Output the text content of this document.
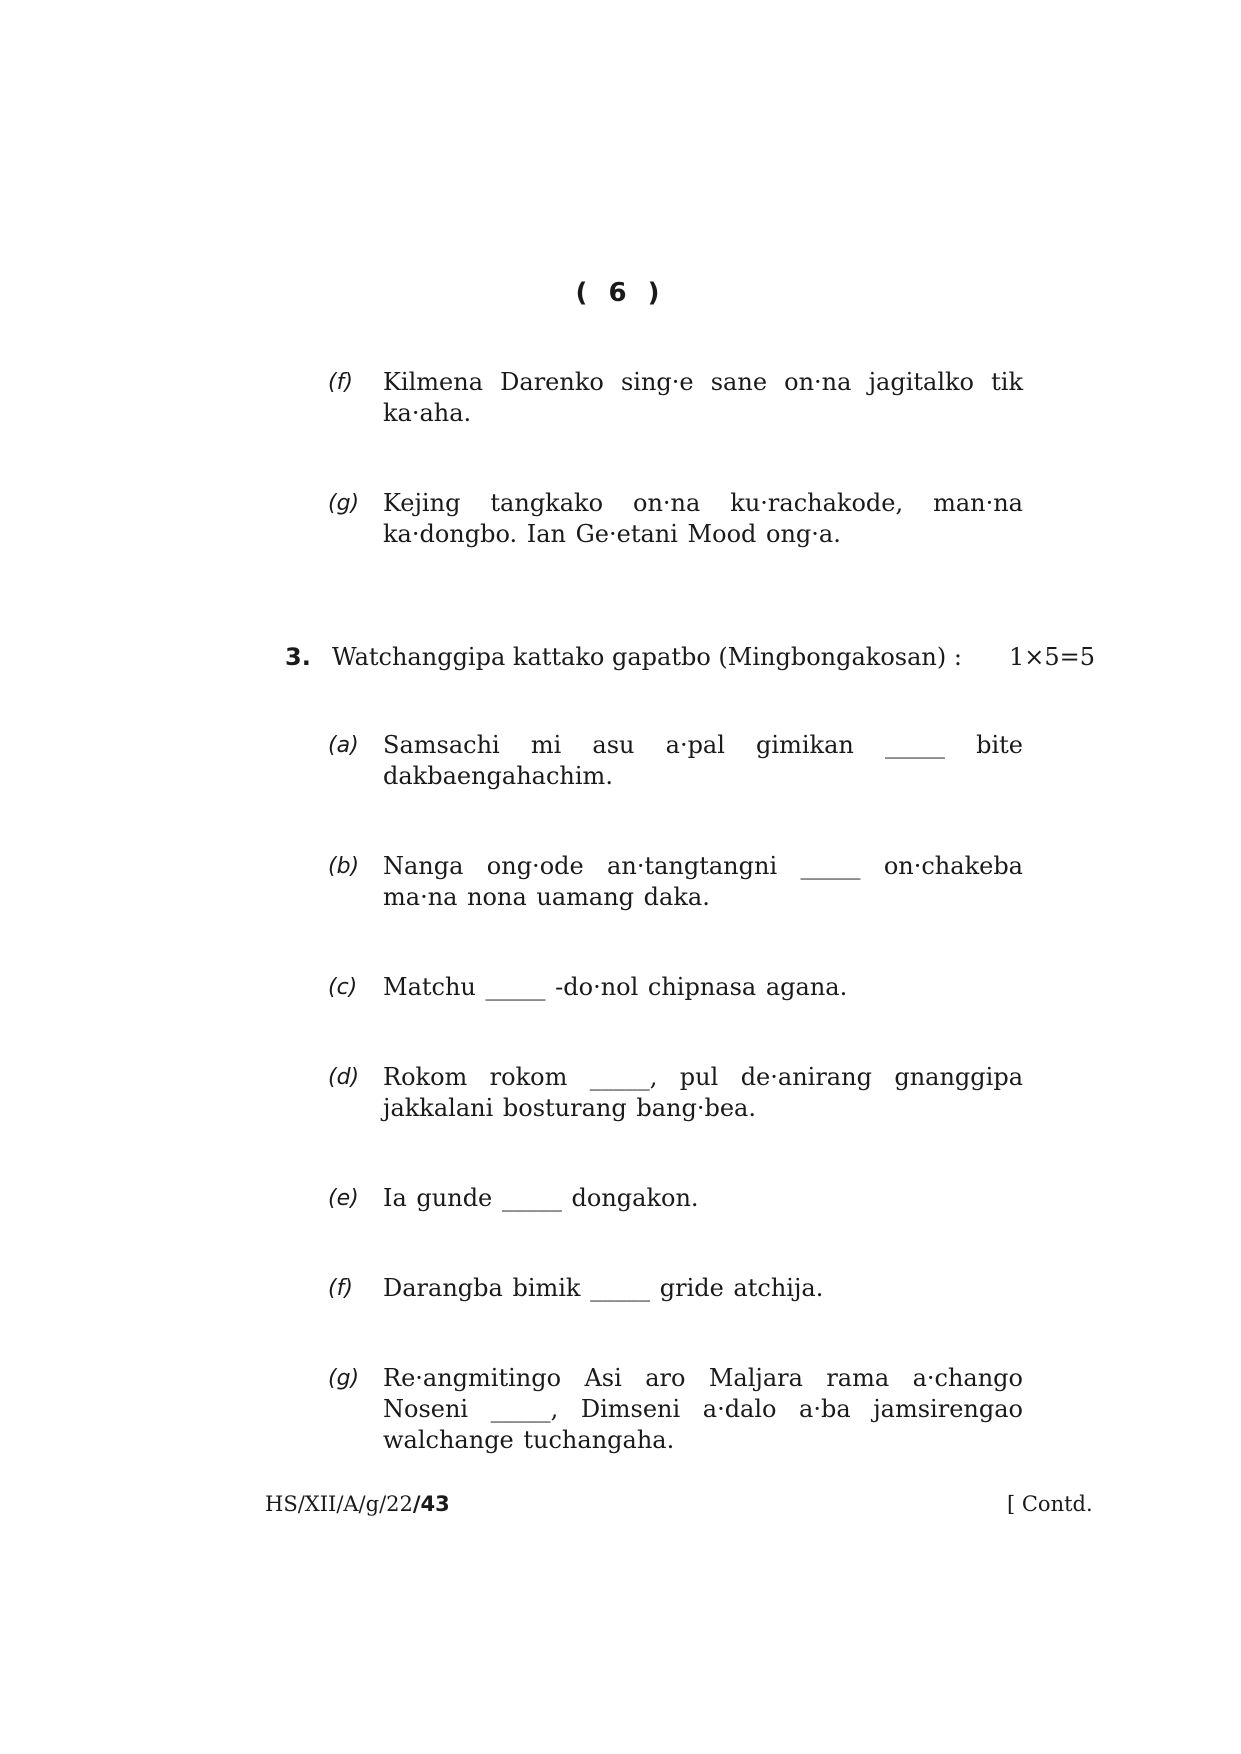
( 6 )
(f) Kilmena Darenko sing·e sane on·na jagitalko tik ka·aha.
(g) Kejing tangkako on·na ku·rachakode, man·na ka·dongbo. Ian Ge·etani Mood ong·a.
3. Watchanggipa kattako gapatbo (Mingbongakosan) : 1×5=5
(a) Samsachi mi asu a·pal gimikan _____ bite dakbaengahachim.
(b) Nanga ong·ode an·tangtangni _____ on·chakeba ma·na nona uamang daka.
(c) Matchu _____ -do·nol chipnasa agana.
(d) Rokom rokom _____, pul de·anirang gnanggipa jakkalani bosturang bang·bea.
(e) Ia gunde _____ dongakon.
(f) Darangba bimik _____ gride atchija.
(g) Re·angmitingo Asi aro Maljara rama a·chango Noseni _____, Dimseni a·dalo a·ba jamsirengao walchange tuchangaha.
HS/XII/A/g/22/43	[ Contd.
